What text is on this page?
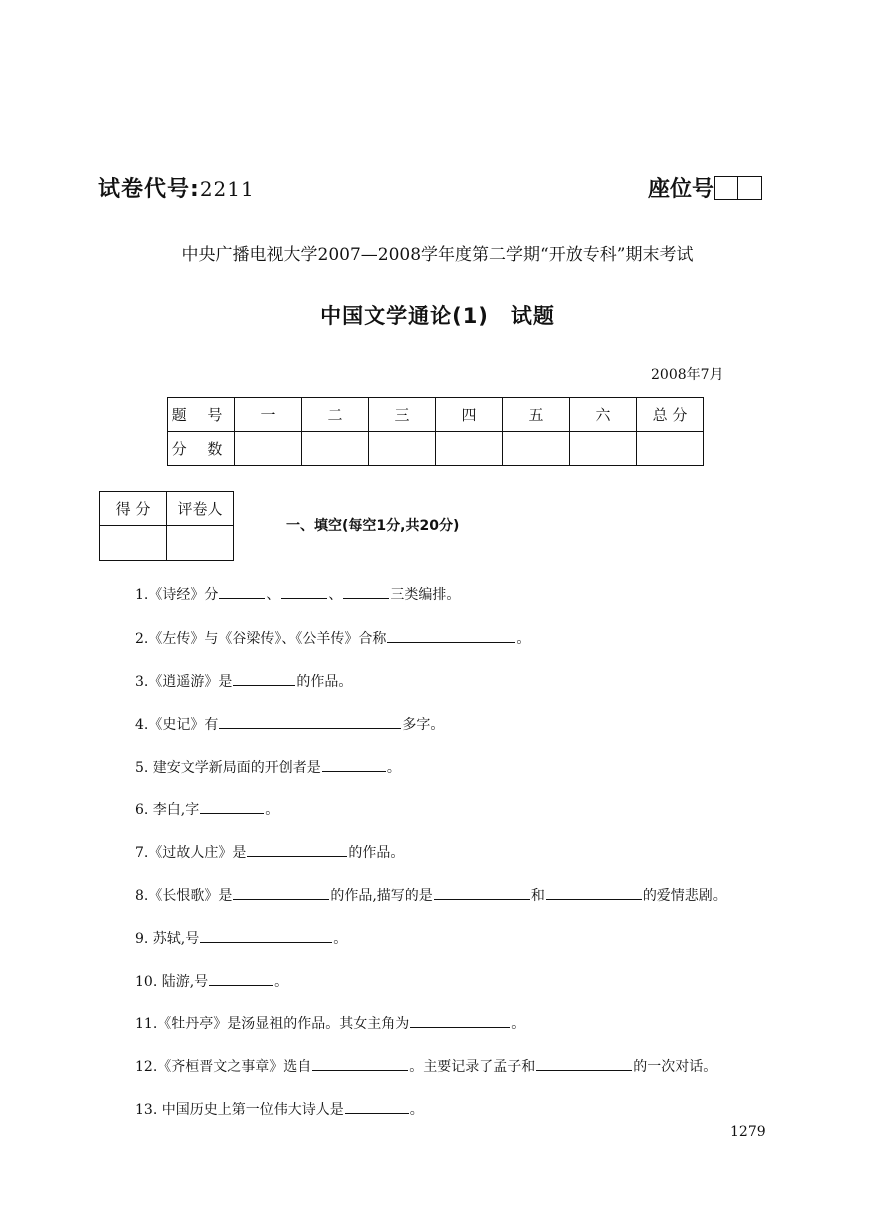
试卷代号:2211	座位号
中央广播电视大学2007—2008学年度第二学期“开放专科”期末考试
中国文学通论(1)　试题
2008年7月
题 号	一	二	三	四	五	六	总 分
分 数							
得 分	评卷人

一、填空(每空1分,共20分)
1.《诗经》分	、	、	三类编排。
2.《左传》与《谷梁传》、《公羊传》合称	。
3.《逍遥游》是	的作品。
4.《史记》有	多字。
5. 建安文学新局面的开创者是	。
6. 李白,字	。
7.《过故人庄》是	的作品。
8.《长恨歌》是	的作品,描写的是	和	的爱情悲剧。
9. 苏轼,号	。
10. 陆游,号	。
11.《牡丹亭》是汤显祖的作品。其女主角为	。
12.《齐桓晋文之事章》选自	。主要记录了孟子和	的一次对话。
13. 中国历史上第一位伟大诗人是	。
1279
